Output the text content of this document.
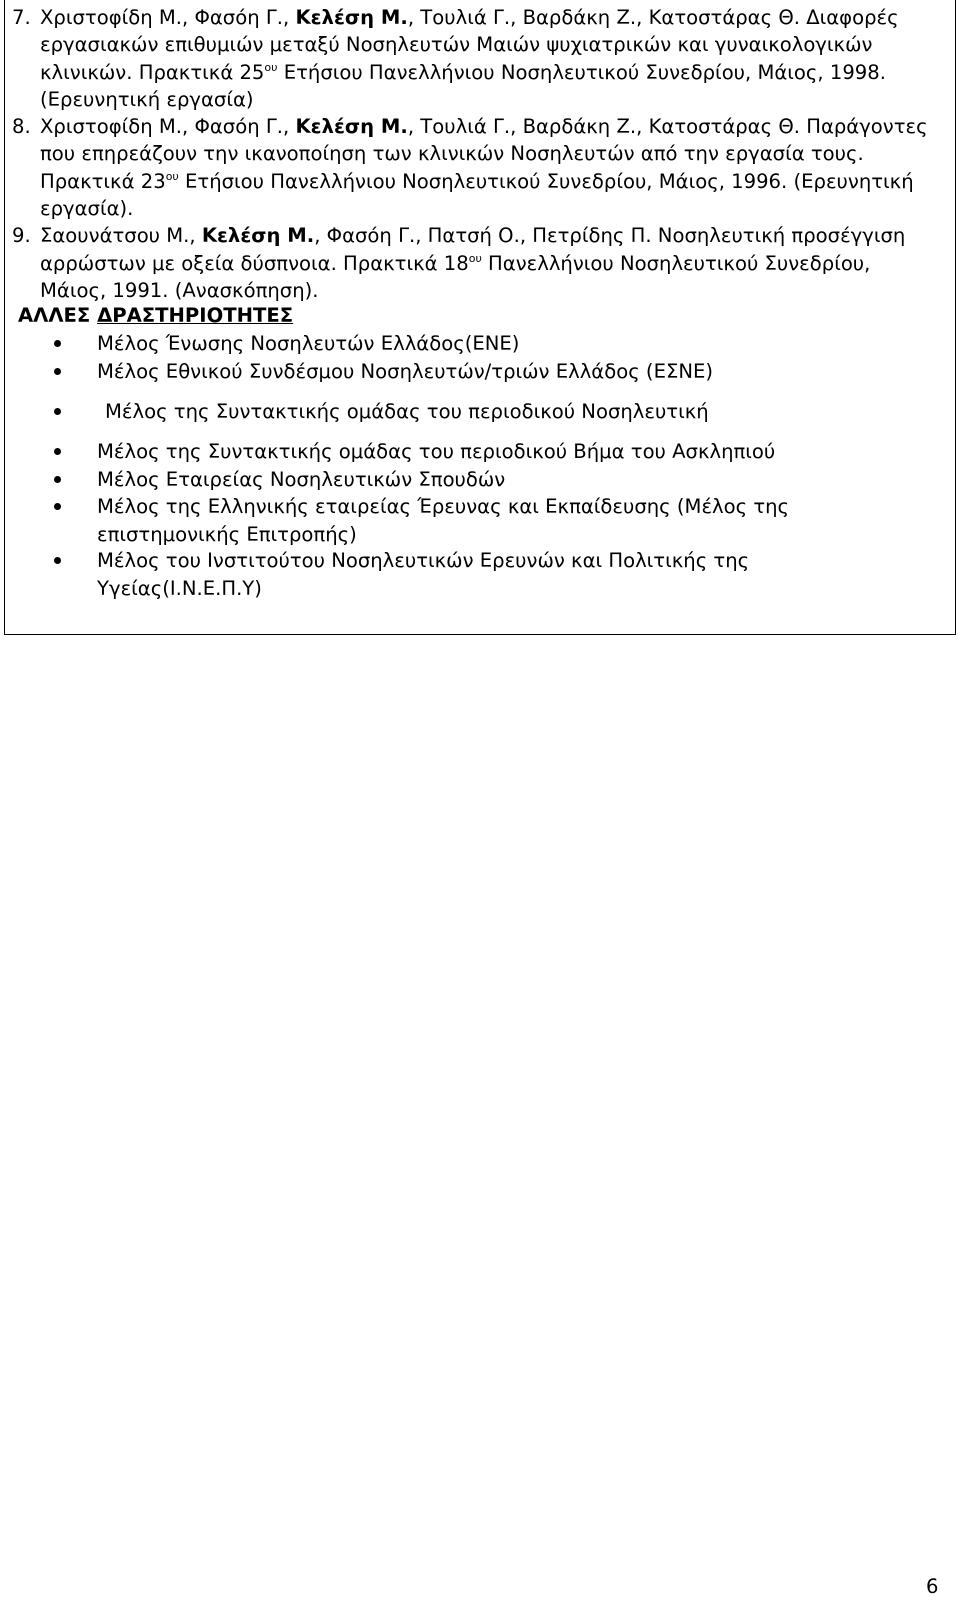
7. Χριστοφίδη Μ., Φασόη Γ., Κελέση Μ., Τουλιά Γ., Βαρδάκη Ζ., Κατοστάρας Θ. Διαφορές εργασιακών επιθυμιών μεταξύ Νοσηλευτών Μαιών ψυχιατρικών και γυναικολογικών κλινικών. Πρακτικά $25^{o\upsilon}$ Ετήσιου Πανελλήνιου Νοσηλευτικού Συνεδρίου, Μάιος, 1998. (Ερευνητική εργασία)
8. Χριστοφίδη Μ., Φασόη Γ., Κελέση Μ., Τουλιά Γ., Βαρδάκη Ζ., Κατοστάρας Θ. Παράγοντες που επηρεάζουν την ικανοποίηση των κλινικών Νοσηλευτών από την εργασία τους. Πρακτικά $23^{o\upsilon}$ Ετήσιου Πανελλήνιου Νοσηλευτικού Συνεδρίου, Μάιος, 1996. (Ερευνητική εργασία).
9. Σαουνάτσου Μ., Κελέση Μ., Φασόη Γ., Πατσή Ο., Πετρίδης Π. Νοσηλευτική προσέγγιση αρρώστων με οξεία δύσπνοια. Πρακτικά $18^{o\upsilon}$ Πανελλήνιου Νοσηλευτικού Συνεδρίου, Μάιος, 1991. (Ανασκόπηση).
ΑΛΛΕΣ ΔΡΑΣΤΗΡΙΟΤΗΤΕΣ
Μέλος Ένωσης Νοσηλευτών Ελλάδος(ΕΝΕ)
Μέλος Εθνικού Συνδέσμου Νοσηλευτών/τριών Ελλάδος (ΕΣΝΕ)
Μέλος της Συντακτικής ομάδας του περιοδικού Νοσηλευτική
Μέλος της Συντακτικής ομάδας του περιοδικού Βήμα του Ασκληπιού
Μέλος Εταιρείας Νοσηλευτικών Σπουδών
Μέλος της Ελληνικής εταιρείας Έρευνας και Εκπαίδευσης (Μέλος της επιστημονικής Επιτροπής)
Μέλος του Ινστιτούτου Νοσηλευτικών Ερευνών και Πολιτικής της Υγείας(Ι.Ν.Ε.Π.Υ)
6
